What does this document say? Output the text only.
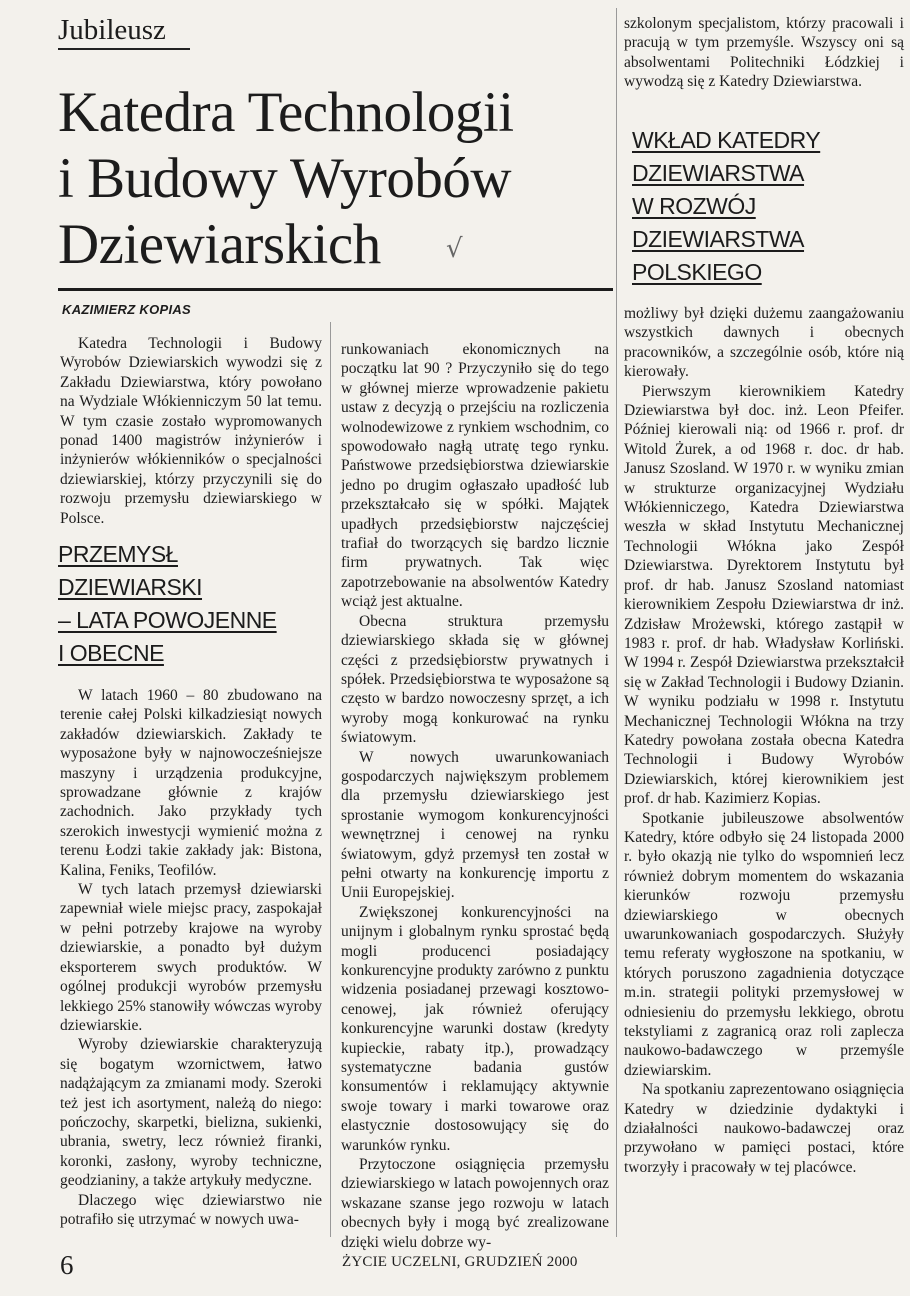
Jubileusz
Katedra Technologii
i Budowy Wyrobów
Dziewiarskich	√
KAZIMIERZ KOPIAS

Katedra Technologii i Budowy Wyrobów Dziewiarskich wywodzi się z Zakładu Dziewiarstwa, który powołano na Wydziale Włókienniczym 50 lat temu. W tym czasie zostało wypromowanych ponad 1400 magistrów inżynierów i inżynierów włókienników o specjalności dziewiarskiej, którzy przyczynili się do rozwoju przemysłu dziewiarskiego w Polsce.

PRZEMYSŁ
DZIEWIARSKI
– LATA POWOJENNE
I OBECNE

W latach 1960 – 80 zbudowano na terenie całej Polski kilkadziesiąt nowych zakładów dziewiarskich. Zakłady te wyposażone były w najnowocześniejsze maszyny i urządzenia produkcyjne, sprowadzane głównie z krajów zachodnich. Jako przykłady tych szerokich inwestycji wymienić można z terenu Łodzi takie zakłady jak: Bistona, Kalina, Feniks, Teofilów.

W tych latach przemysł dziewiarski zapewniał wiele miejsc pracy, zaspokajał w pełni potrzeby krajowe na wyroby dziewiarskie, a ponadto był dużym eksporterem swych produktów. W ogólnej produkcji wyrobów przemysłu lekkiego 25% stanowiły wówczas wyroby dziewiarskie.

Wyroby dziewiarskie charakteryzują się bogatym wzornictwem, łatwo nadążającym za zmianami mody. Szeroki też jest ich asortyment, należą do niego: pończochy, skarpetki, bielizna, sukienki, ubrania, swetry, lecz również firanki, koronki, zasłony, wyroby techniczne, geodzianiny, a także artykuły medyczne.

Dlaczego więc dziewiarstwo nie potrafiło się utrzymać w nowych uwa-

runkowaniach ekonomicznych na początku lat 90 ? Przyczyniło się do tego w głównej mierze wprowadzenie pakietu ustaw z decyzją o przejściu na rozliczenia wolnodewizowe z rynkiem wschodnim, co spowodowało nagłą utratę tego rynku. Państwowe przedsiębiorstwa dziewiarskie jedno po drugim ogłaszało upadłość lub przekształcało się w spółki. Majątek upadłych przedsiębiorstw najczęściej trafiał do tworzących się bardzo licznie firm prywatnych. Tak więc zapotrzebowanie na absolwentów Katedry wciąż jest aktualne.

Obecna struktura przemysłu dziewiarskiego składa się w głównej części z przedsiębiorstw prywatnych i spółek. Przedsiębiorstwa te wyposażone są często w bardzo nowoczesny sprzęt, a ich wyroby mogą konkurować na rynku światowym.

W nowych uwarunkowaniach gospodarczych największym problemem dla przemysłu dziewiarskiego jest sprostanie wymogom konkurencyjności wewnętrznej i cenowej na rynku światowym, gdyż przemysł ten został w pełni otwarty na konkurencję importu z Unii Europejskiej.

Zwiększonej konkurencyjności na unijnym i globalnym rynku sprostać będą mogli producenci posiadający konkurencyjne produkty zarówno z punktu widzenia posiadanej przewagi kosztowo-cenowej, jak również oferujący konkurencyjne warunki dostaw (kredyty kupieckie, rabaty itp.), prowadzący systematyczne badania gustów konsumentów i reklamujący aktywnie swoje towary i marki towarowe oraz elastycznie dostosowujący się do warunków rynku.

Przytoczone osiągnięcia przemysłu dziewiarskiego w latach powojennych oraz wskazane szanse jego rozwoju w latach obecnych były i mogą być zrealizowane dzięki wielu dobrze wy-

szkolonym specjalistom, którzy pracowali i pracują w tym przemyśle. Wszyscy oni są absolwentami Politechniki Łódzkiej i wywodzą się z Katedry Dziewiarstwa.

WKŁAD KATEDRY
DZIEWIARSTWA
W ROZWÓJ
DZIEWIARSTWA
POLSKIEGO

możliwy był dzięki dużemu zaangażowaniu wszystkich dawnych i obecnych pracowników, a szczególnie osób, które nią kierowały.

Pierwszym kierownikiem Katedry Dziewiarstwa był doc. inż. Leon Pfeifer. Później kierowali nią: od 1966 r. prof. dr Witold Żurek, a od 1968 r. doc. dr hab. Janusz Szosland. W 1970 r. w wyniku zmian w strukturze organizacyjnej Wydziału Włókienniczego, Katedra Dziewiarstwa weszła w skład Instytutu Mechanicznej Technologii Włókna jako Zespół Dziewiarstwa. Dyrektorem Instytutu był prof. dr hab. Janusz Szosland natomiast kierownikiem Zespołu Dziewiarstwa dr inż. Zdzisław Mrożewski, którego zastąpił w 1983 r. prof. dr hab. Władysław Korliński. W 1994 r. Zespół Dziewiarstwa przekształcił się w Zakład Technologii i Budowy Dzianin. W wyniku podziału w 1998 r. Instytutu Mechanicznej Technologii Włókna na trzy Katedry powołana została obecna Katedra Technologii i Budowy Wyrobów Dziewiarskich, której kierownikiem jest prof. dr hab. Kazimierz Kopias.

Spotkanie jubileuszowe absolwentów Katedry, które odbyło się 24 listopada 2000 r. było okazją nie tylko do wspomnień lecz również dobrym momentem do wskazania kierunków rozwoju przemysłu dziewiarskiego w obecnych uwarunkowaniach gospodarczych. Służyły temu referaty wygłoszone na spotkaniu, w których poruszono zagadnienia dotyczące m.in. strategii polityki przemysłowej w odniesieniu do przemysłu lekkiego, obrotu tekstyliami z zagranicą oraz roli zaplecza naukowo-badawczego w przemyśle dziewiarskim.

Na spotkaniu zaprezentowano osiągnięcia Katedry w dziedzinie dydaktyki i działalności naukowo-badawczej oraz przywołano w pamięci postaci, które tworzyły i pracowały w tej placówce.

6	ŻYCIE UCZELNI, GRUDZIEŃ 2000
